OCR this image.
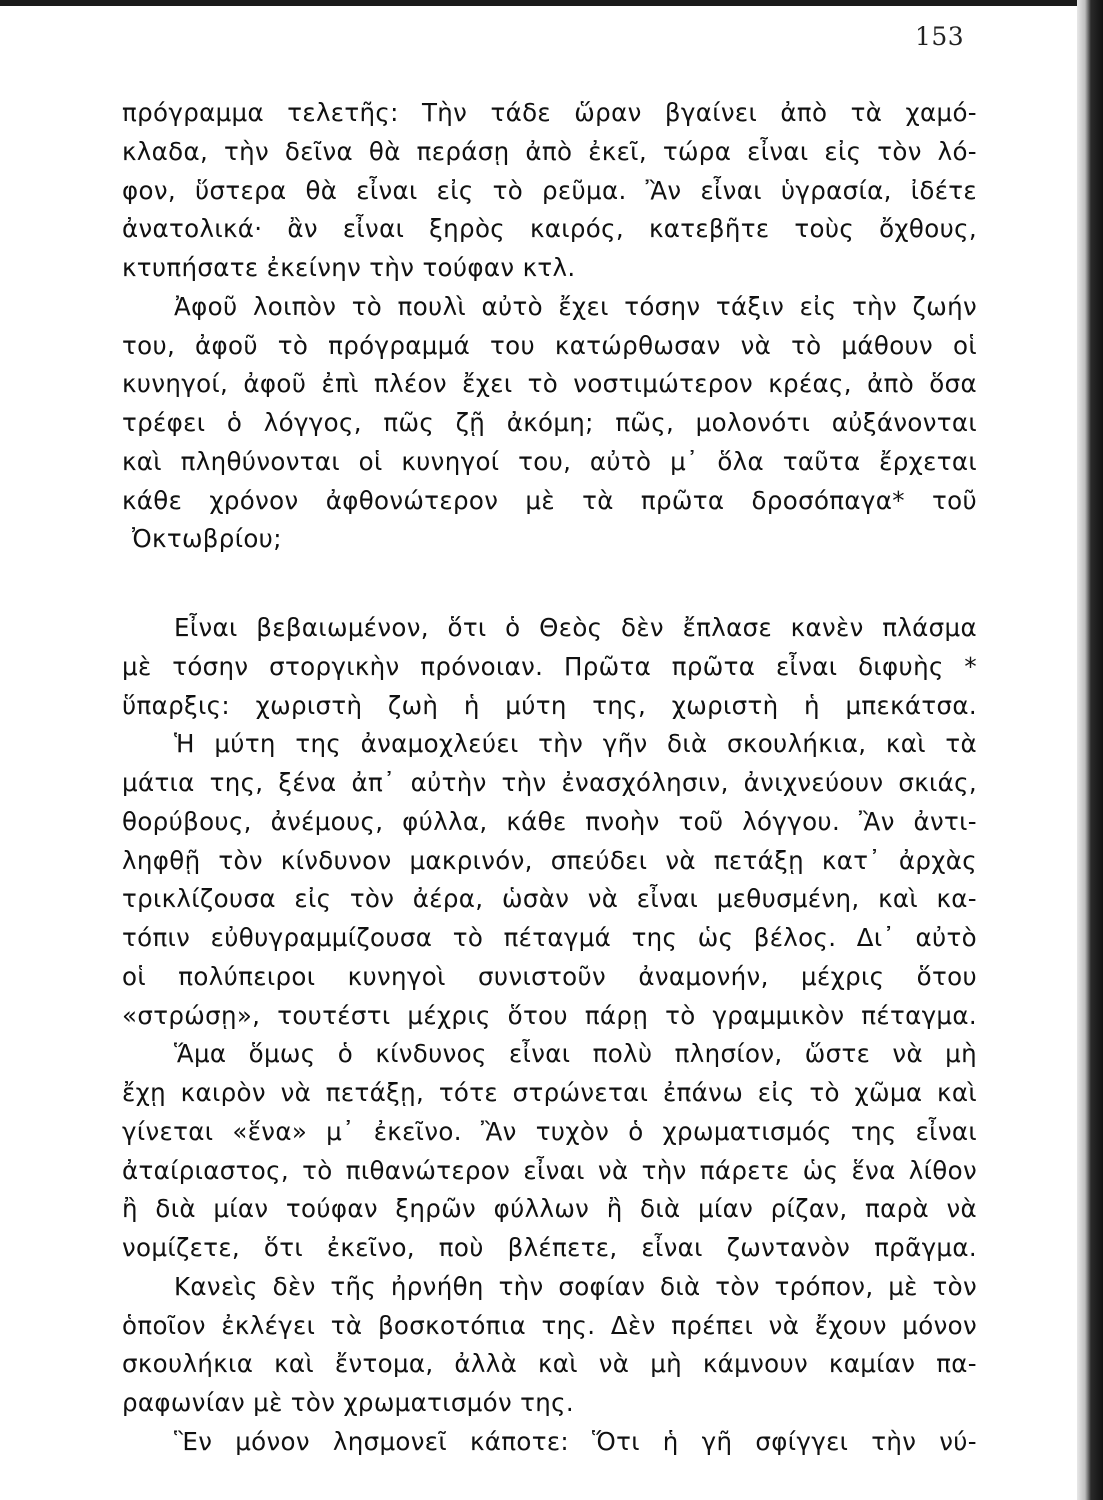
153
πρόγραμμα τελετῆς: Τὴν τάδε ὥραν βγαίνει ἀπὸ τὰ χαμό-
κλαδα, τὴν δεῖνα θὰ περάσῃ ἀπὸ ἐκεῖ, τώρα εἶναι εἰς τὸν λό-
φον, ὕστερα θὰ εἶναι εἰς τὸ ρεῦμα. Ἂν εἶναι ὑγρασία, ἰδέτε
ἀνατολικά· ἂν εἶναι ξηρὸς καιρός, κατεβῆτε τοὺς ὄχθους,
κτυπήσατε ἐκείνην τὴν τούφαν κτλ.
Ἀφοῦ λοιπὸν τὸ πουλὶ αὐτὸ ἔχει τόσην τάξιν εἰς τὴν ζωήν
του, ἀφοῦ τὸ πρόγραμμά του κατώρθωσαν νὰ τὸ μάθουν οἱ
κυνηγοί, ἀφοῦ ἐπὶ πλέον ἔχει τὸ νοστιμώτερον κρέας, ἀπὸ ὅσα
τρέφει ὁ λόγγος, πῶς ζῇ ἀκόμη; πῶς, μολονότι αὐξάνονται
καὶ πληθύνονται οἱ κυνηγοί του, αὐτὸ μ᾽ ὅλα ταῦτα ἔρχεται
κάθε χρόνον ἀφθονώτερον μὲ τὰ πρῶτα δροσόπαγα* τοῦ
Ὀκτωβρίου;
Εἶναι βεβαιωμένον, ὅτι ὁ Θεὸς δὲν ἔπλασε κανὲν πλάσμα
μὲ τόσην στοργικὴν πρόνοιαν. Πρῶτα πρῶτα εἶναι διφυὴς *
ὕπαρξις: χωριστὴ ζωὴ ἡ μύτη της, χωριστὴ ἡ μπεκάτσα.
Ἡ μύτη της ἀναμοχλεύει τὴν γῆν διὰ σκουλήκια, καὶ τὰ
μάτια της, ξένα ἀπ᾽ αὐτὴν τὴν ἐνασχόλησιν, ἀνιχνεύουν σκιάς,
θορύβους, ἀνέμους, φύλλα, κάθε πνοὴν τοῦ λόγγου. Ἂν ἀντι-
ληφθῇ τὸν κίνδυνον μακρινόν, σπεύδει νὰ πετάξῃ κατ᾽ ἀρχὰς
τρικλίζουσα εἰς τὸν ἀέρα, ὡσὰν νὰ εἶναι μεθυσμένη, καὶ κα-
τόπιν εὐθυγραμμίζουσα τὸ πέταγμά της ὡς βέλος. Δι᾽ αὐτὸ
οἱ πολύπειροι κυνηγοὶ συνιστοῦν ἀναμονήν, μέχρις ὅτου
«στρώσῃ», τουτέστι μέχρις ὅτου πάρῃ τὸ γραμμικὸν πέταγμα.
Ἅμα ὅμως ὁ κίνδυνος εἶναι πολὺ πλησίον, ὥστε νὰ μὴ
ἔχῃ καιρὸν νὰ πετάξῃ, τότε στρώνεται ἐπάνω εἰς τὸ χῶμα καὶ
γίνεται «ἕνα» μ᾽ ἐκεῖνο. Ἂν τυχὸν ὁ χρωματισμός της εἶναι
ἀταίριαστος, τὸ πιθανώτερον εἶναι νὰ τὴν πάρετε ὡς ἕνα λίθον
ἢ διὰ μίαν τούφαν ξηρῶν φύλλων ἢ διὰ μίαν ρίζαν, παρὰ νὰ
νομίζετε, ὅτι ἐκεῖνο, ποὺ βλέπετε, εἶναι ζωντανὸν πρᾶγμα.
Κανεὶς δὲν τῆς ἠρνήθη τὴν σοφίαν διὰ τὸν τρόπον, μὲ τὸν
ὁποῖον ἐκλέγει τὰ βοσκοτόπια της. Δὲν πρέπει νὰ ἔχουν μόνον
σκουλήκια καὶ ἔντομα, ἀλλὰ καὶ νὰ μὴ κάμνουν καμίαν πα-
ραφωνίαν μὲ τὸν χρωματισμόν της.
Ἓν μόνον λησμονεῖ κάποτε: Ὅτι ἡ γῆ σφίγγει τὴν νύ-
